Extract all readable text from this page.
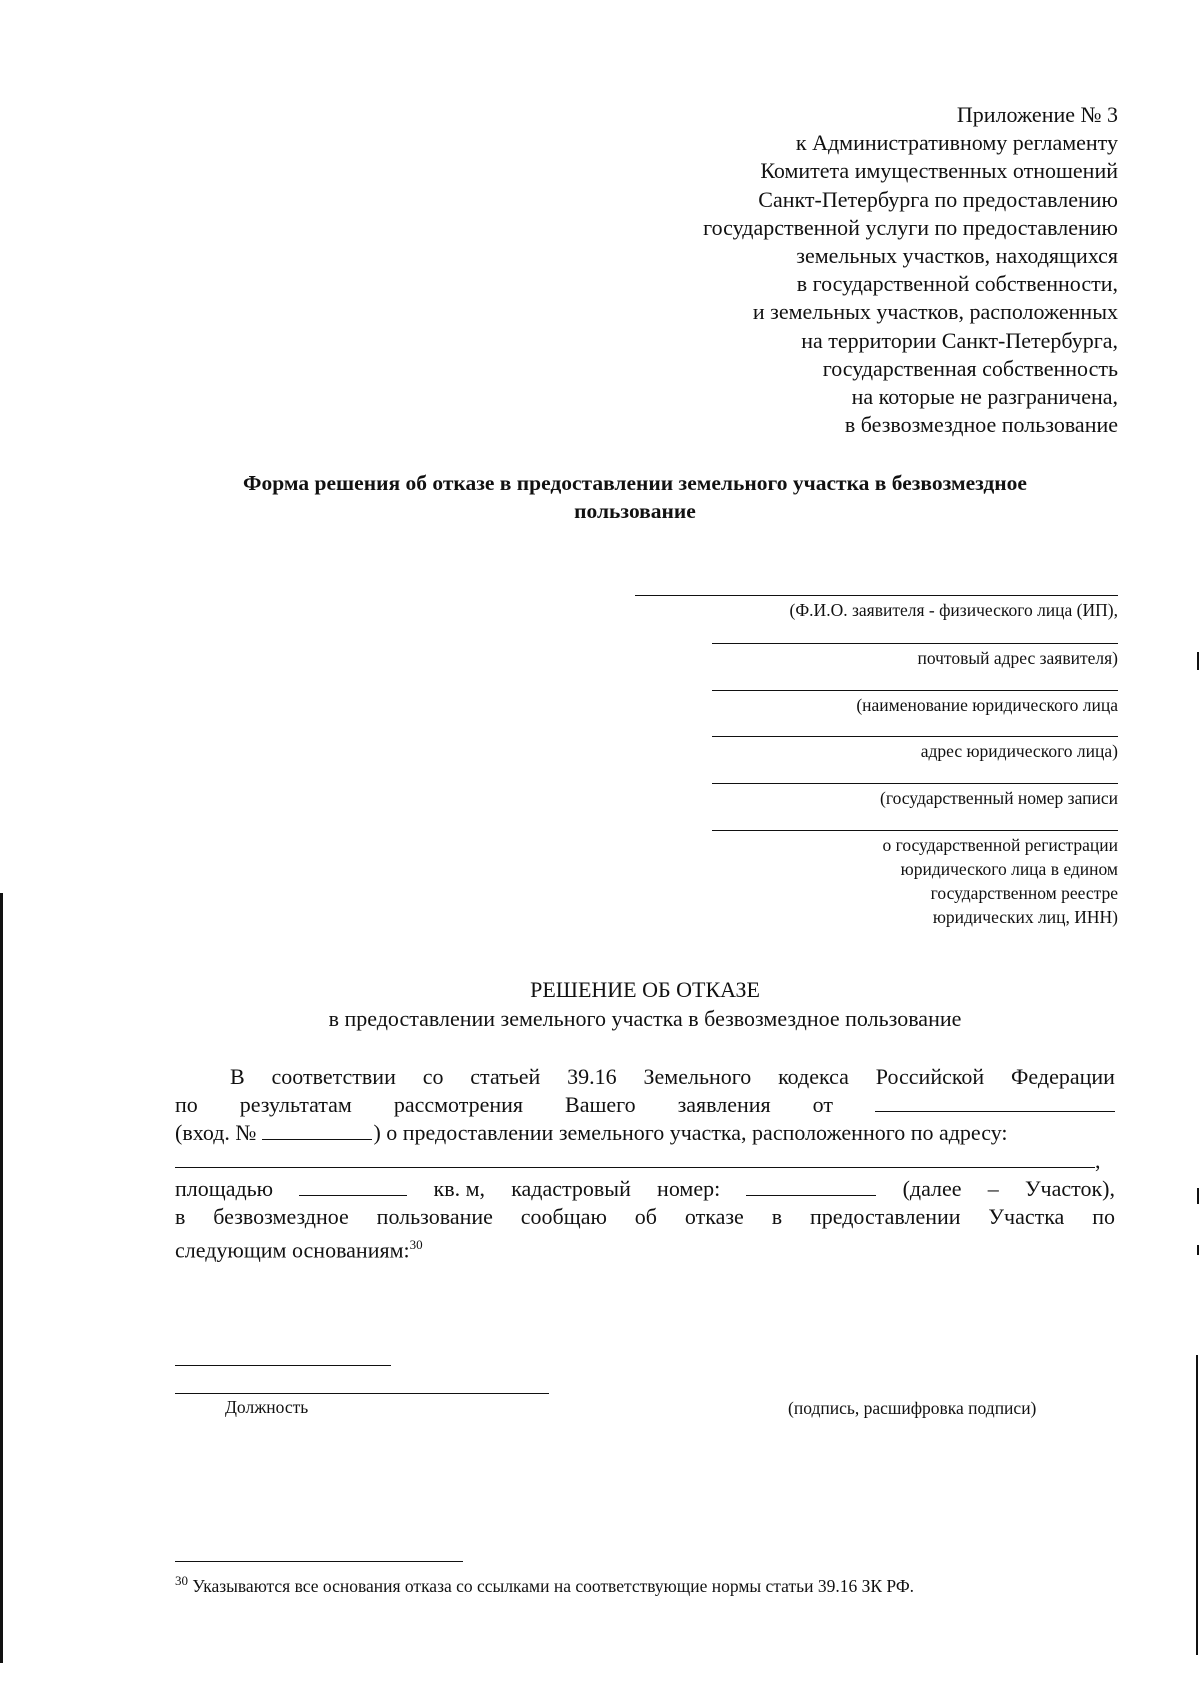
Приложение № 3
к Административному регламенту
Комитета имущественных отношений
Санкт-Петербурга по предоставлению
государственной услуги по предоставлению
земельных участков, находящихся
в государственной собственности,
и земельных участков, расположенных
на территории Санкт-Петербурга,
государственная собственность
на которые не разграничена,
в безвозмездное пользование
Форма решения об отказе в предоставлении земельного участка в безвозмездное
пользование
(Ф.И.О. заявителя - физического лица (ИП),
почтовый адрес заявителя)
(наименование юридического лица
адрес юридического лица)
(государственный номер записи
о государственной регистрации
юридического лица в едином
государственном реестре
юридических лиц, ИНН)
РЕШЕНИЕ ОБ ОТКАЗЕ
в предоставлении земельного участка в безвозмездное пользование
В соответствии со статьей 39.16 Земельного кодекса Российской Федерации
по результатам рассмотрения Вашего заявления от
(вход. №	) о предоставлении земельного участка, расположенного по адресу:
,
площадью	кв. м, кадастровый номер:	(далее – Участок),
в безвозмездное пользование сообщаю об отказе в предоставлении Участка по
следующим основаниям:$^{30}$
Должность	(подпись, расшифровка подписи)
$^{30}$ Указываются все основания отказа со ссылками на соответствующие нормы статьи 39.16 ЗК РФ.
